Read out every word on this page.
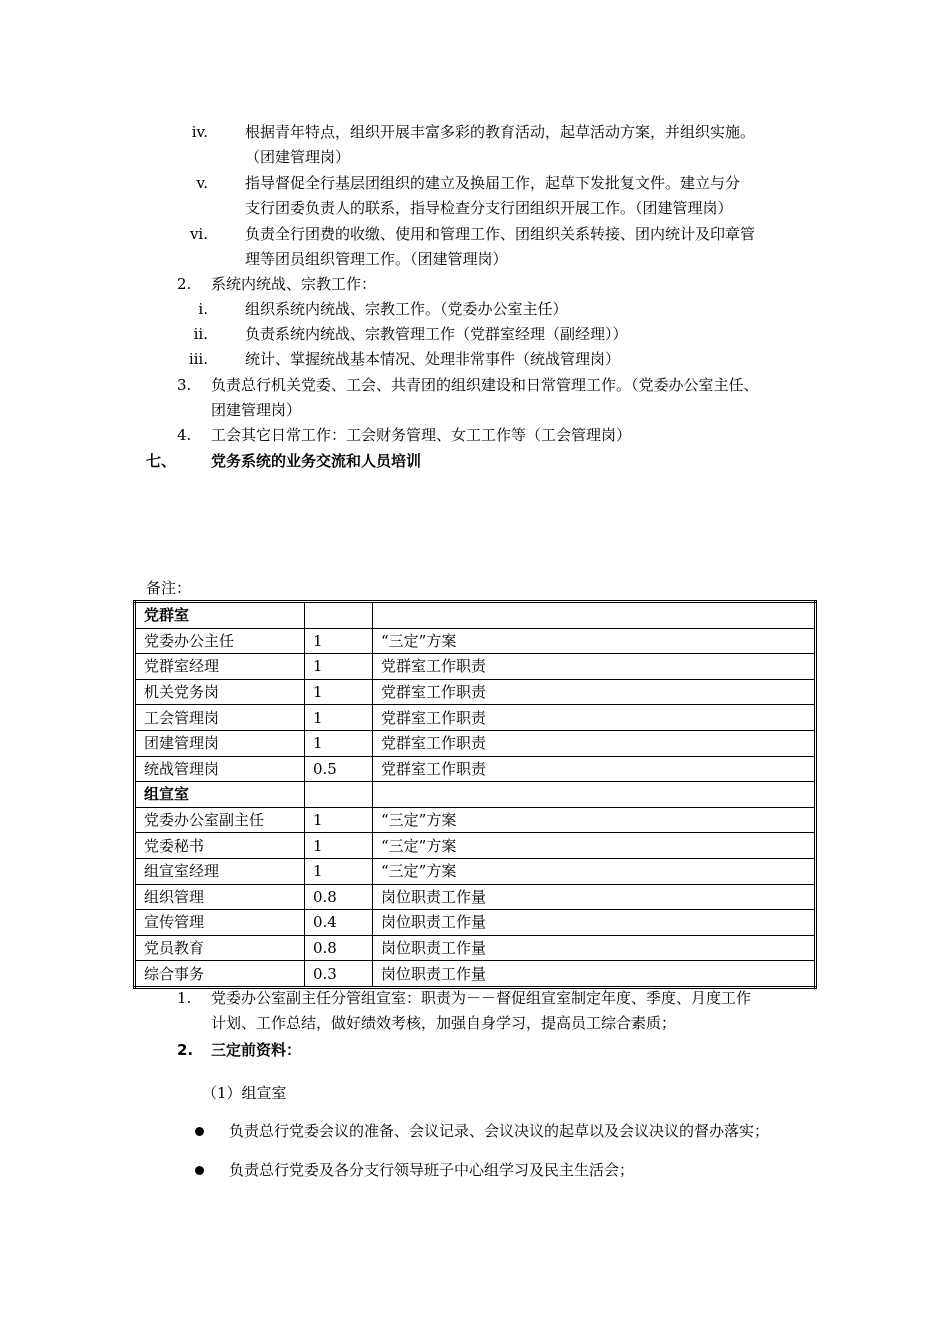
iv. 根据青年特点，组织开展丰富多彩的教育活动，起草活动方案，并组织实施。
（团建管理岗）
v. 指导督促全行基层团组织的建立及换届工作，起草下发批复文件。建立与分
支行团委负责人的联系，指导检查分支行团组织开展工作。（团建管理岗）
vi. 负责全行团费的收缴、使用和管理工作、团组织关系转接、团内统计及印章管
理等团员组织管理工作。（团建管理岗）
2. 系统内统战、宗教工作：
i. 组织系统内统战、宗教工作。（党委办公室主任）
ii. 负责系统内统战、宗教管理工作（党群室经理（副经理））
iii. 统计、掌握统战基本情况、处理非常事件（统战管理岗）
3. 负责总行机关党委、工会、共青团的组织建设和日常管理工作。（党委办公室主任、
团建管理岗）
4. 工会其它日常工作：工会财务管理、女工工作等（工会管理岗）
七、 党务系统的业务交流和人员培训
备注：
党群室		
党委办公主任	1	“三定”方案
党群室经理	1	党群室工作职责
机关党务岗	1	党群室工作职责
工会管理岗	1	党群室工作职责
团建管理岗	1	党群室工作职责
统战管理岗	0.5	党群室工作职责
组宣室		
党委办公室副主任	1	“三定”方案
党委秘书	1	“三定”方案
组宣室经理	1	“三定”方案
组织管理	0.8	岗位职责工作量
宣传管理	0.4	岗位职责工作量
党员教育	0.8	岗位职责工作量
综合事务	0.3	岗位职责工作量
1. 党委办公室副主任分管组宣室：职责为－－督促组宣室制定年度、季度、月度工作
计划、工作总结，做好绩效考核，加强自身学习，提高员工综合素质；
2. 三定前资料：
（1）组宣室
负责总行党委会议的准备、会议记录、会议决议的起草以及会议决议的督办落实；
负责总行党委及各分支行领导班子中心组学习及民主生活会；
